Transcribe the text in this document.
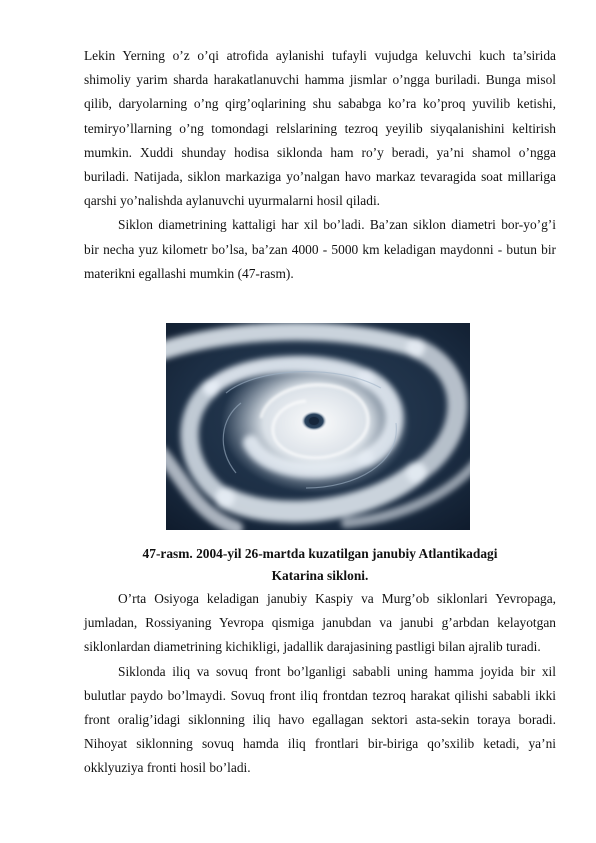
Lekin Yerning o’z o’qi atrofida aylanishi tufayli vujudga keluvchi kuch ta’sirida shimoliy yarim sharda harakatlanuvchi hamma jismlar o’ngga buriladi. Bunga misol qilib, daryolarning o’ng qirg’oqlarining shu sababga ko’ra ko’proq yuvilib ketishi, temiryo’llarning o’ng tomondagi relslarining tezroq yeyilib siyqalanishini keltirish mumkin. Xuddi shunday hodisa siklonda ham ro’y beradi, ya’ni shamol o’ngga buriladi. Natijada, siklon markaziga yo’nalgan havo markaz tevaragida soat millariga qarshi yo’nalishda aylanuvchi uyurmalarni hosil qiladi.

Siklon diametrining kattaligi har xil bo’ladi. Ba’zan siklon diametri bor-yo’g’i bir necha yuz kilometr bo’lsa, ba’zan 4000 - 5000 km keladigan maydonni - butun bir materikni egallashi mumkin (47-rasm).

47-rasm. 2004-yil 26-martda kuzatilgan janubiy Atlantikadagi
Katarina sikloni.

O’rta Osiyoga keladigan janubiy Kaspiy va Murg’ob siklonlari Yevropaga, jumladan, Rossiyaning Yevropa qismiga janubdan va janubi g’arbdan kelayotgan siklonlardan diametrining kichikligi, jadallik darajasining pastligi bilan ajralib turadi.

Siklonda iliq va sovuq front bo’lganligi sababli uning hamma joyida bir xil bulutlar paydo bo’lmaydi. Sovuq front iliq frontdan tezroq harakat qilishi sababli ikki front oralig’idagi siklonning iliq havo egallagan sektori asta-sekin toraya boradi. Nihoyat siklonning sovuq hamda iliq frontlari bir-biriga qo’sxilib ketadi, ya’ni okklyuziya fronti hosil bo’ladi.
